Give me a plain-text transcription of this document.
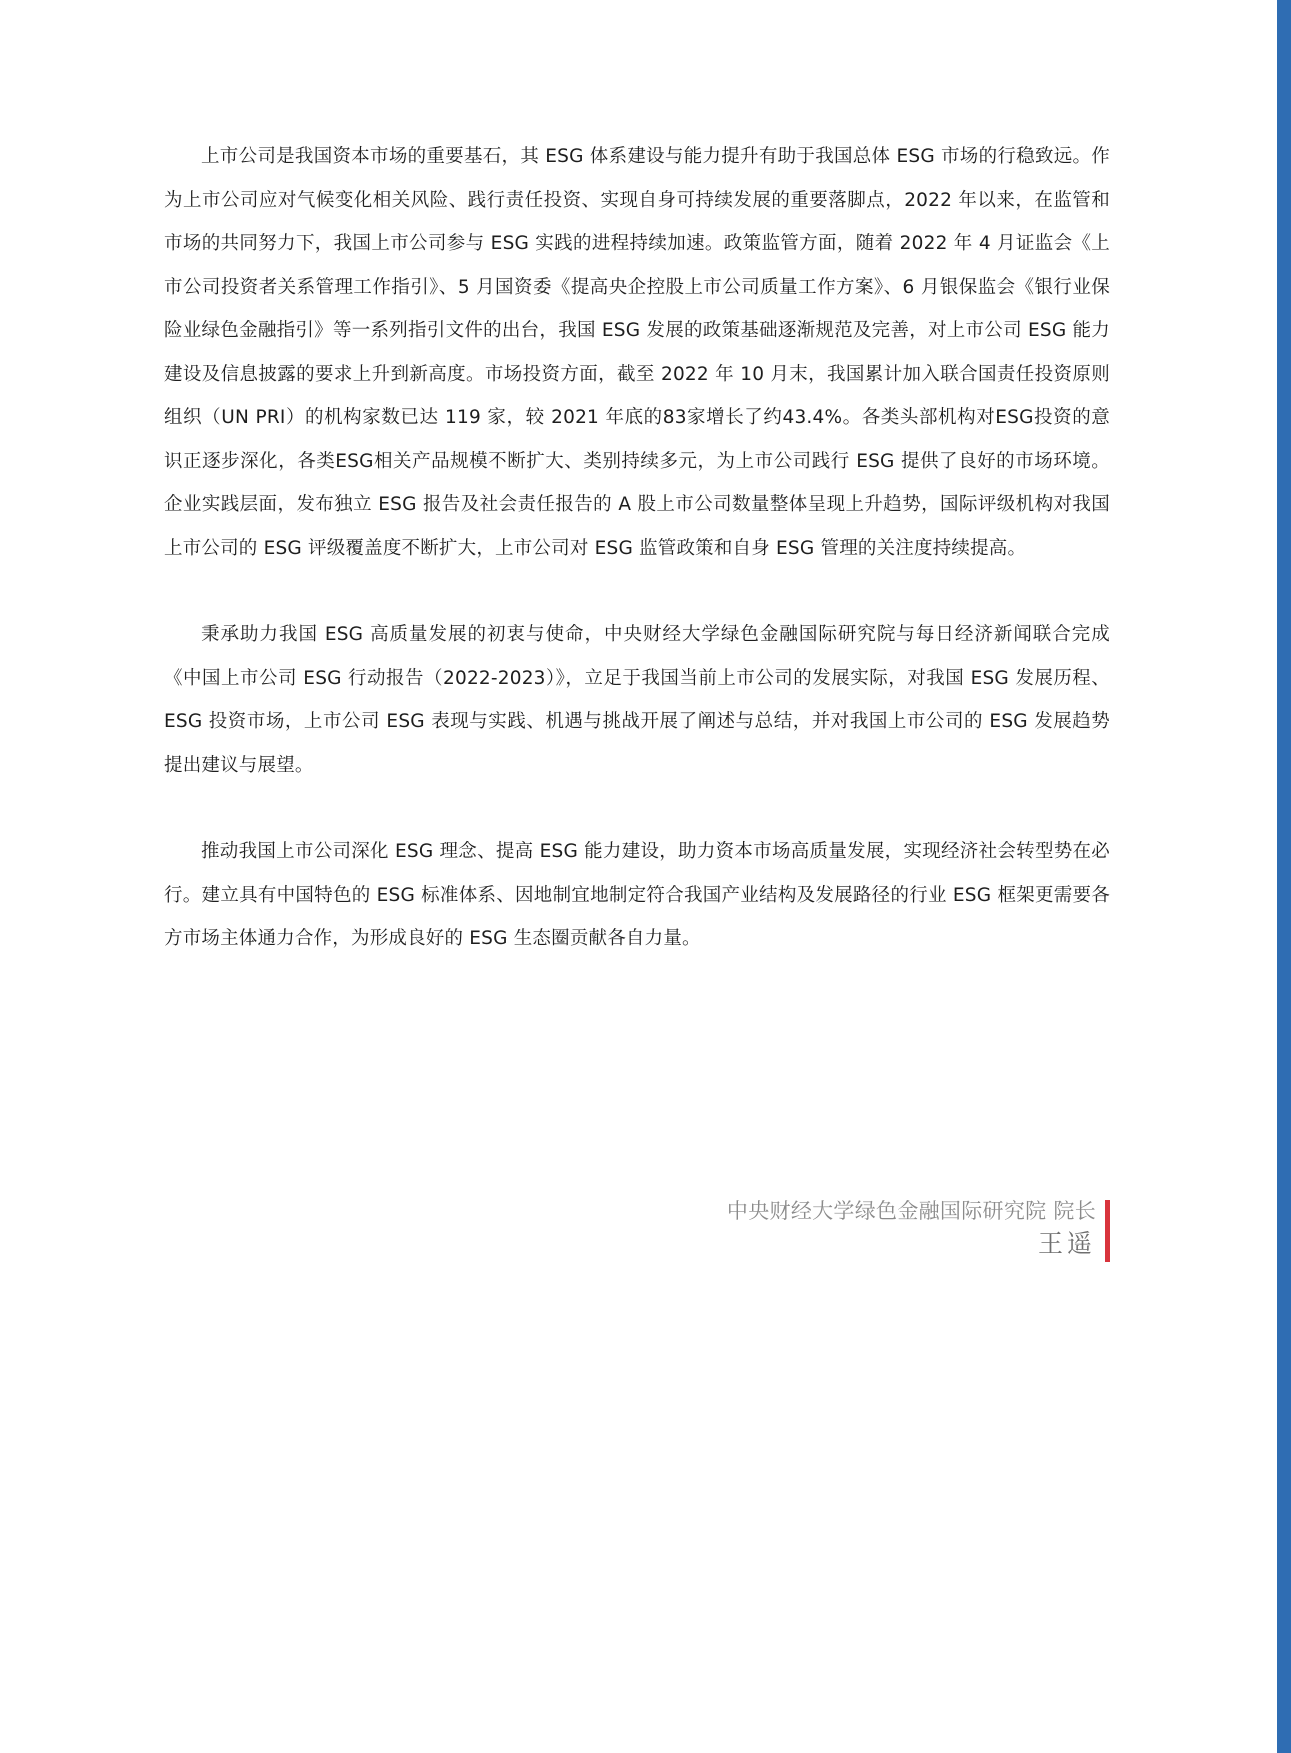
上市公司是我国资本市场的重要基石，其 ESG 体系建设与能力提升有助于我国总体 ESG 市场的行稳致远。作为上市公司应对气候变化相关风险、践行责任投资、实现自身可持续发展的重要落脚点，2022 年以来，在监管和市场的共同努力下，我国上市公司参与 ESG 实践的进程持续加速。政策监管方面，随着 2022 年 4 月证监会《上市公司投资者关系管理工作指引》、5 月国资委《提高央企控股上市公司质量工作方案》、6 月银保监会《银行业保险业绿色金融指引》等一系列指引文件的出台，我国 ESG 发展的政策基础逐渐规范及完善，对上市公司 ESG 能力建设及信息披露的要求上升到新高度。市场投资方面，截至 2022 年 10 月末，我国累计加入联合国责任投资原则组织（UN PRI）的机构家数已达 119 家，较 2021 年底的83家增长了约43.4%。各类头部机构对ESG投资的意识正逐步深化，各类ESG相关产品规模不断扩大、类别持续多元，为上市公司践行 ESG 提供了良好的市场环境。企业实践层面，发布独立 ESG 报告及社会责任报告的 A 股上市公司数量整体呈现上升趋势，国际评级机构对我国上市公司的 ESG 评级覆盖度不断扩大，上市公司对 ESG 监管政策和自身 ESG 管理的关注度持续提高。

秉承助力我国 ESG 高质量发展的初衷与使命，中央财经大学绿色金融国际研究院与每日经济新闻联合完成《中国上市公司 ESG 行动报告（2022-2023）》，立足于我国当前上市公司的发展实际，对我国 ESG 发展历程、ESG 投资市场，上市公司 ESG 表现与实践、机遇与挑战开展了阐述与总结，并对我国上市公司的 ESG 发展趋势提出建议与展望。

推动我国上市公司深化 ESG 理念、提高 ESG 能力建设，助力资本市场高质量发展，实现经济社会转型势在必行。建立具有中国特色的 ESG 标准体系、因地制宜地制定符合我国产业结构及发展路径的行业 ESG 框架更需要各方市场主体通力合作，为形成良好的 ESG 生态圈贡献各自力量。

中央财经大学绿色金融国际研究院 院长
王遥
